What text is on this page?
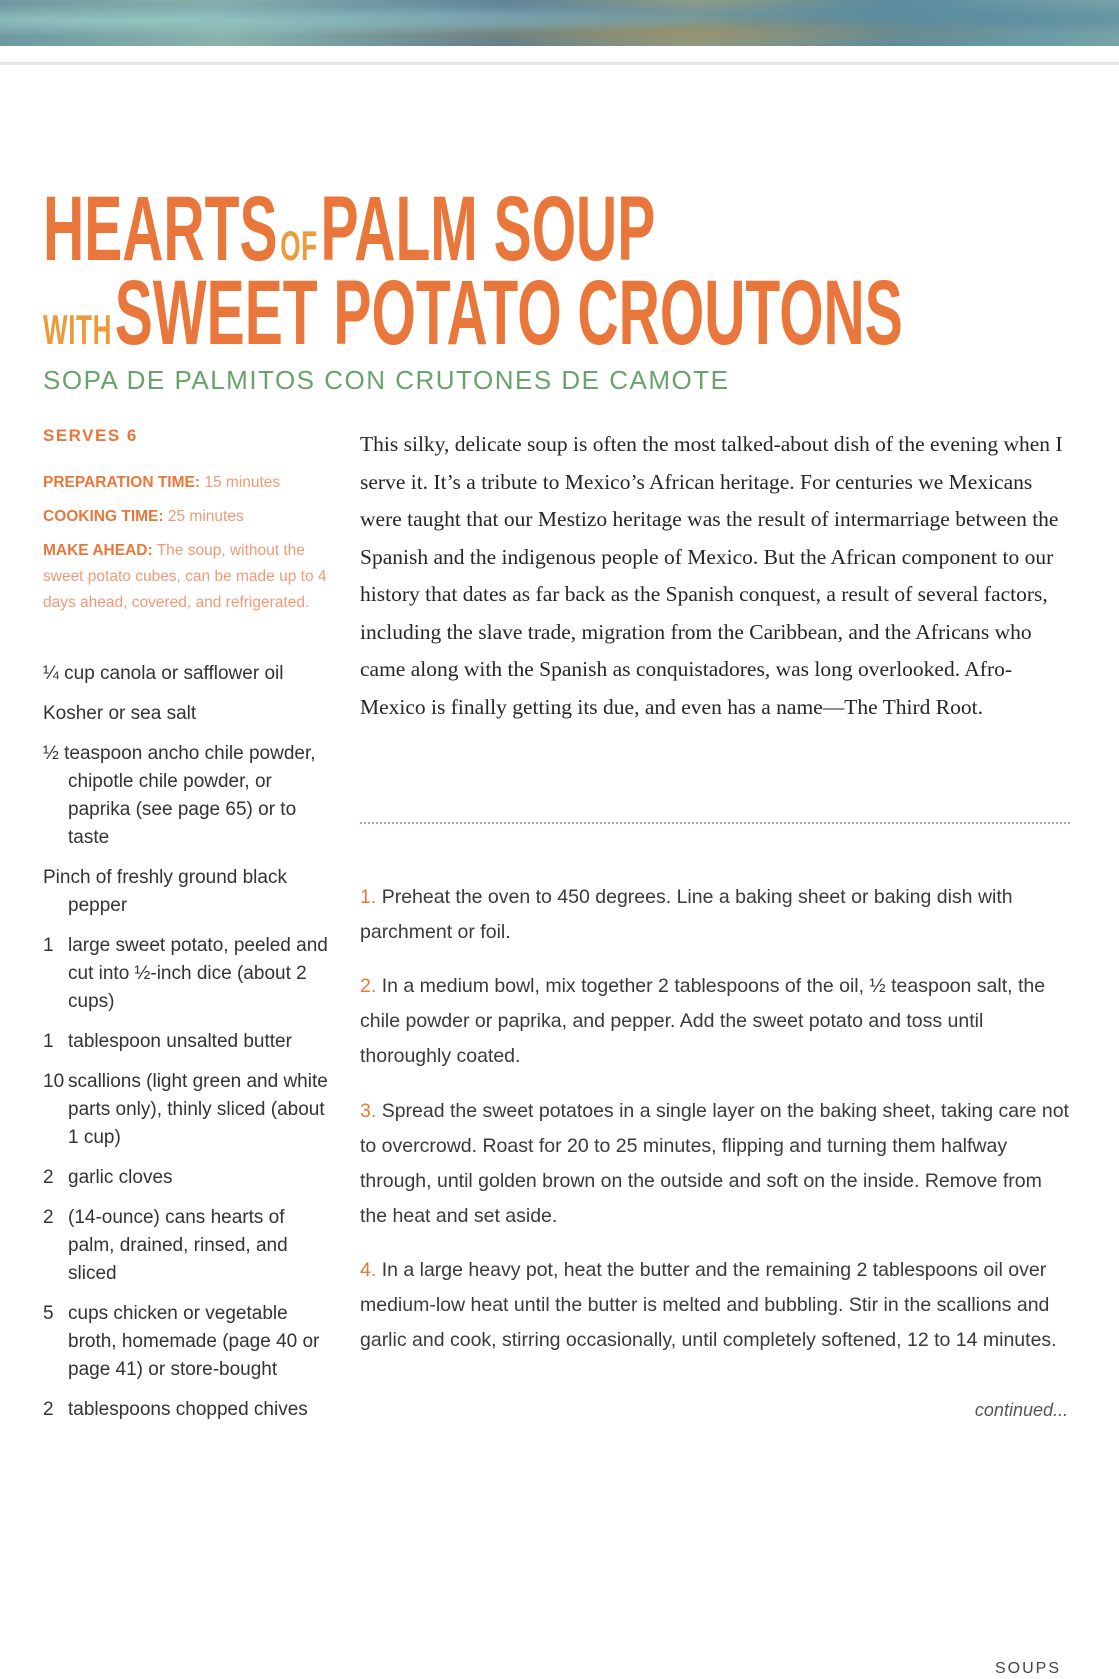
HEARTS OF PALM SOUP
WITH SWEET POTATO CROUTONS
SOPA DE PALMITOS CON CRUTONES DE CAMOTE
SERVES 6
PREPARATION TIME: 15 minutes
COOKING TIME: 25 minutes
MAKE AHEAD: The soup, without the sweet potato cubes, can be made up to 4 days ahead, covered, and refrigerated.
¼ cup canola or safflower oil
Kosher or sea salt
½ teaspoon ancho chile powder, chipotle chile powder, or paprika (see page 65) or to taste
Pinch of freshly ground black pepper
1 large sweet potato, peeled and cut into ½-inch dice (about 2 cups)
1 tablespoon unsalted butter
10 scallions (light green and white parts only), thinly sliced (about 1 cup)
2 garlic cloves
2 (14-ounce) cans hearts of palm, drained, rinsed, and sliced
5 cups chicken or vegetable broth, homemade (page 40 or page 41) or store-bought
2 tablespoons chopped chives
This silky, delicate soup is often the most talked-about dish of the evening when I serve it. It’s a tribute to Mexico’s African heritage. For centuries we Mexicans were taught that our Mestizo heritage was the result of intermarriage between the Spanish and the indigenous people of Mexico. But the African component to our history that dates as far back as the Spanish conquest, a result of several factors, including the slave trade, migration from the Caribbean, and the Africans who came along with the Spanish as conquistadores, was long overlooked. Afro-Mexico is finally getting its due, and even has a name—The Third Root.

1. Preheat the oven to 450 degrees. Line a baking sheet or baking dish with parchment or foil.

2. In a medium bowl, mix together 2 tablespoons of the oil, ½ teaspoon salt, the chile powder or paprika, and pepper. Add the sweet potato and toss until thoroughly coated.

3. Spread the sweet potatoes in a single layer on the baking sheet, taking care not to overcrowd. Roast for 20 to 25 minutes, flipping and turning them halfway through, until golden brown on the outside and soft on the inside. Remove from the heat and set aside.

4. In a large heavy pot, heat the butter and the remaining 2 tablespoons oil over medium-low heat until the butter is melted and bubbling. Stir in the scallions and garlic and cook, stirring occasionally, until completely softened, 12 to 14 minutes.

continued...
SOUPS
